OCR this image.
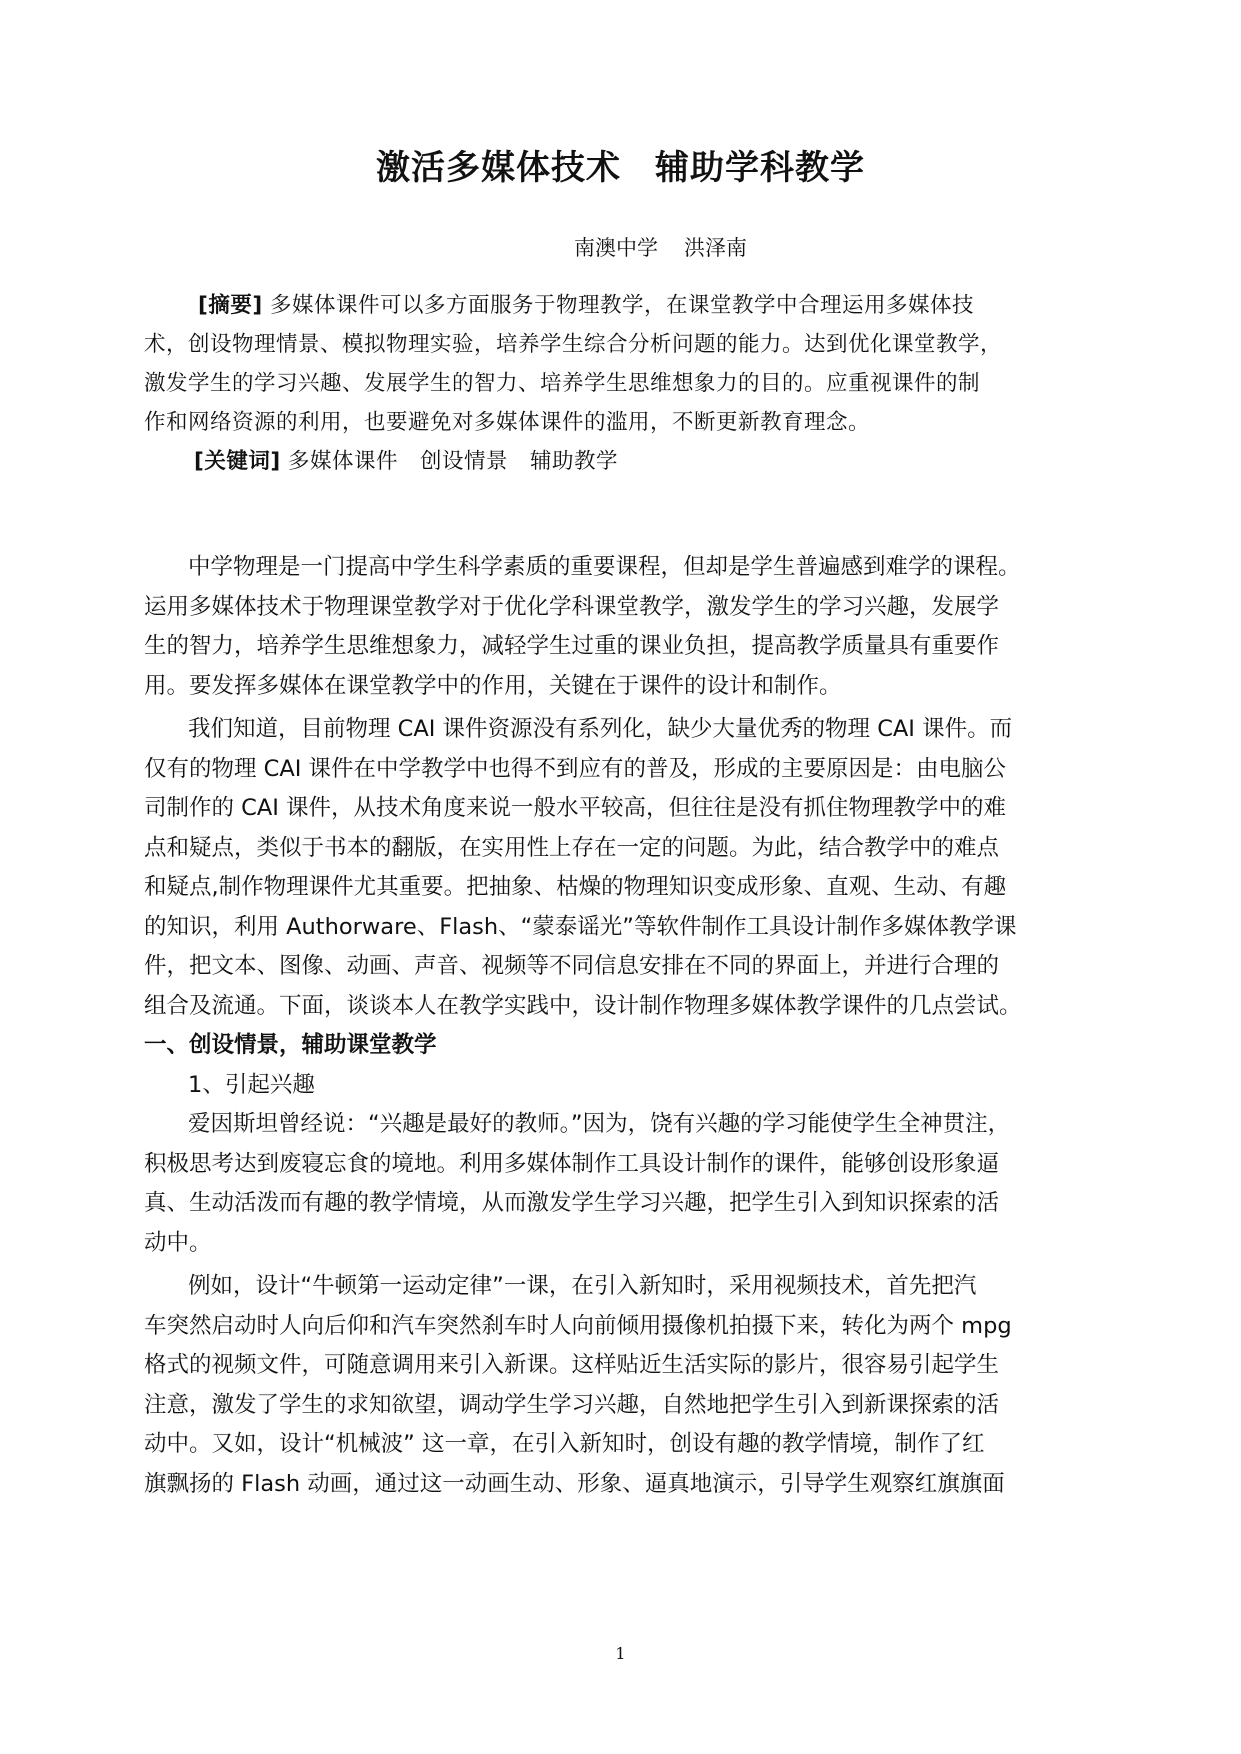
激活多媒体技术 辅助学科教学
南澳中学 洪泽南
[摘要] 多媒体课件可以多方面服务于物理教学，在课堂教学中合理运用多媒体技
术，创设物理情景、模拟物理实验，培养学生综合分析问题的能力。达到优化课堂教学，
激发学生的学习兴趣、发展学生的智力、培养学生思维想象力的目的。应重视课件的制
作和网络资源的利用，也要避免对多媒体课件的滥用，不断更新教育理念。
[关键词] 多媒体课件 创设情景 辅助教学
中学物理是一门提高中学生科学素质的重要课程，但却是学生普遍感到难学的课程。
运用多媒体技术于物理课堂教学对于优化学科课堂教学，激发学生的学习兴趣，发展学
生的智力，培养学生思维想象力，减轻学生过重的课业负担，提高教学质量具有重要作
用。要发挥多媒体在课堂教学中的作用，关键在于课件的设计和制作。
我们知道，目前物理 CAI 课件资源没有系列化，缺少大量优秀的物理 CAI 课件。而
仅有的物理 CAI 课件在中学教学中也得不到应有的普及，形成的主要原因是：由电脑公
司制作的 CAI 课件，从技术角度来说一般水平较高，但往往是没有抓住物理教学中的难
点和疑点，类似于书本的翻版，在实用性上存在一定的问题。为此，结合教学中的难点
和疑点,制作物理课件尤其重要。把抽象、枯燥的物理知识变成形象、直观、生动、有趣
的知识，利用 Authorware、Flash、“蒙泰谣光”等软件制作工具设计制作多媒体教学课
件，把文本、图像、动画、声音、视频等不同信息安排在不同的界面上，并进行合理的
组合及流通。下面，谈谈本人在教学实践中，设计制作物理多媒体教学课件的几点尝试。
一、创设情景，辅助课堂教学
1、引起兴趣
爱因斯坦曾经说：“兴趣是最好的教师。”因为，饶有兴趣的学习能使学生全神贯注，
积极思考达到废寝忘食的境地。利用多媒体制作工具设计制作的课件，能够创设形象逼
真、生动活泼而有趣的教学情境，从而激发学生学习兴趣，把学生引入到知识探索的活
动中。
例如，设计“牛顿第一运动定律”一课，在引入新知时，采用视频技术，首先把汽
车突然启动时人向后仰和汽车突然刹车时人向前倾用摄像机拍摄下来，转化为两个 mpg
格式的视频文件，可随意调用来引入新课。这样贴近生活实际的影片，很容易引起学生
注意，激发了学生的求知欲望，调动学生学习兴趣，自然地把学生引入到新课探索的活
动中。又如，设计“机械波” 这一章，在引入新知时，创设有趣的教学情境，制作了红
旗飘扬的 Flash 动画，通过这一动画生动、形象、逼真地演示，引导学生观察红旗旗面
1
